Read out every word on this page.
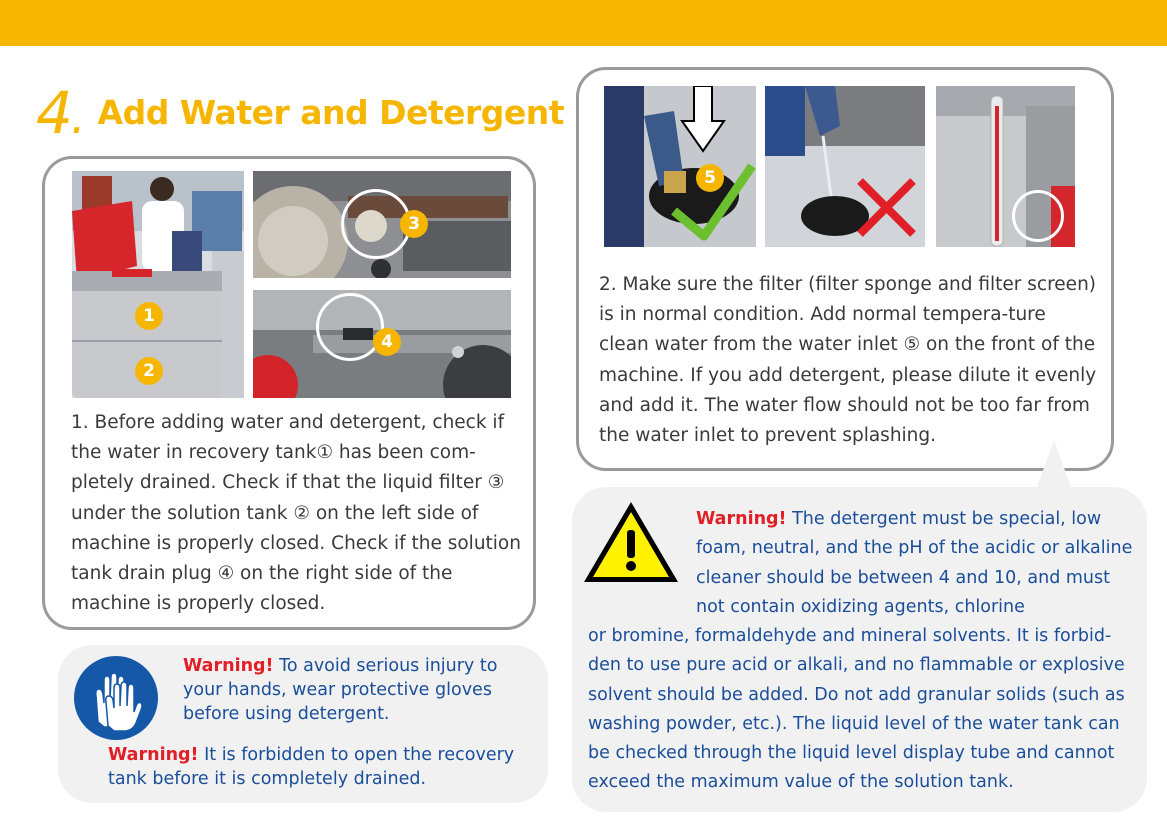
4. Add Water and Detergent
1
2
3
4
1. Before adding water and detergent, check if the water in recovery tank① has been com-pletely drained. Check if that the liquid filter ③ under the solution tank ② on the left side of machine is properly closed. Check if the solution tank drain plug ④ on the right side of the machine is properly closed.
5
2. Make sure the filter (filter sponge and filter screen) is in normal condition. Add normal tempera-ture clean water from the water inlet ⑤ on the front of the machine. If you add detergent, please dilute it evenly and add it. The water flow should not be too far from the water inlet to prevent splashing.
Warning! To avoid serious injury to your hands, wear protective gloves before using detergent.
Warning! It is forbidden to open the recovery tank before it is completely drained.
Warning! The detergent must be special, low foam, neutral, and the pH of the acidic or alkaline cleaner should be between 4 and 10, and must not contain oxidizing agents, chlorine
or bromine, formaldehyde and mineral solvents. It is forbid-den to use pure acid or alkali, and no flammable or explosive solvent should be added. Do not add granular solids (such as washing powder, etc.). The liquid level of the water tank can be checked through the liquid level display tube and cannot exceed the maximum value of the solution tank.
